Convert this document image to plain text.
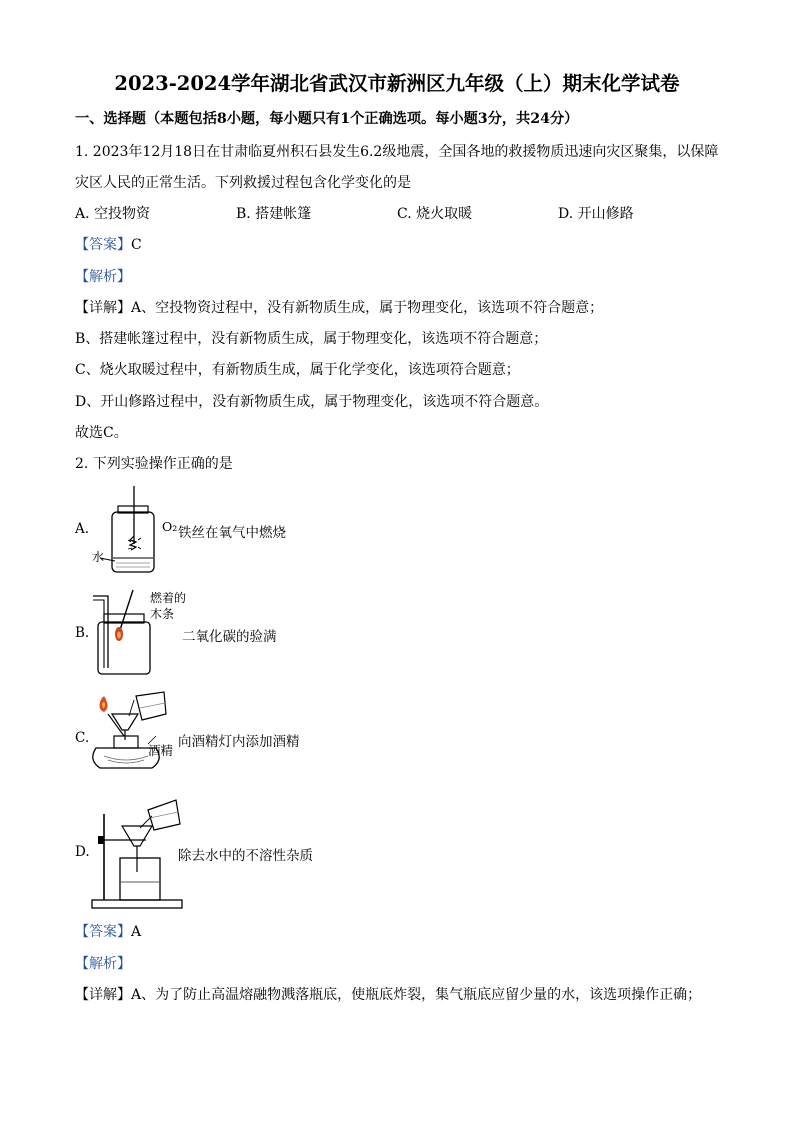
2023-2024学年湖北省武汉市新洲区九年级（上）期末化学试卷
一、选择题（本题包括8小题，每小题只有1个正确选项。每小题3分，共24分）
1. 2023年12月18日在甘肃临夏州积石县发生6.2级地震，全国各地的救援物质迅速向灾区聚集，以保障
灾区人民的正常生活。下列救援过程包含化学变化的是
A. 空投物资	B. 搭建帐篷	C. 烧火取暖	D. 开山修路
【答案】C
【解析】
【详解】A、空投物资过程中，没有新物质生成，属于物理变化，该选项不符合题意；
B、搭建帐篷过程中，没有新物质生成，属于物理变化，该选项不符合题意；
C、烧火取暖过程中，有新物质生成，属于化学变化，该选项符合题意；
D、开山修路过程中，没有新物质生成，属于物理变化，该选项不符合题意。
故选C。
2. 下列实验操作正确的是
A.
水
O₂ 铁丝在氧气中燃烧
B.
燃着的
木条
二氧化碳的验满
C.
酒精
向酒精灯内添加酒精
D.	除去水中的不溶性杂质
【答案】A
【解析】
【详解】A、为了防止高温熔融物溅落瓶底，使瓶底炸裂，集气瓶底应留少量的水，该选项操作正确；
